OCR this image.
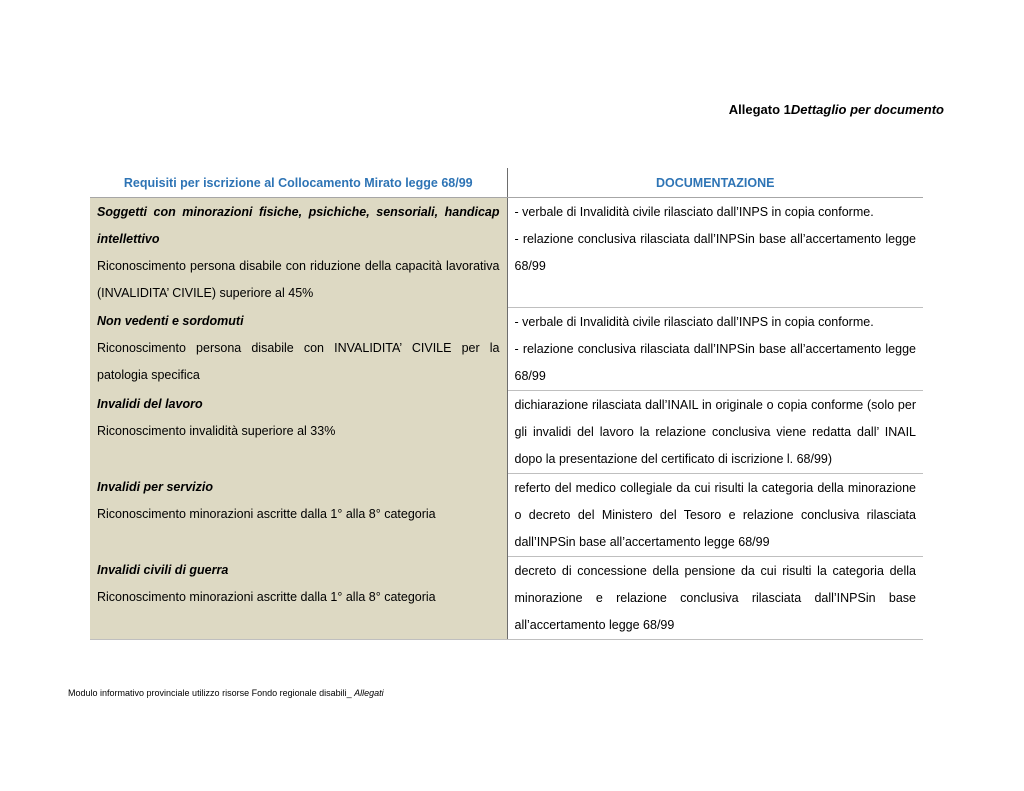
Allegato 1Dettaglio per documento
Requisiti per iscrizione al Collocamento Mirato legge 68/99	DOCUMENTAZIONE

Soggetti con minorazioni fisiche, psichiche, sensoriali, handicap intellettivo
Riconoscimento persona disabile con riduzione della capacità lavorativa (INVALIDITA’ CIVILE) superiore al 45%	- verbale di Invalidità civile rilasciato dall’INPS in copia conforme.
- relazione conclusiva rilasciata dall’INPSin base all’accertamento legge 68/99

Non vedenti e sordomuti
Riconoscimento persona disabile con INVALIDITA’ CIVILE per la patologia specifica	- verbale di Invalidità civile rilasciato dall’INPS in copia conforme.
- relazione conclusiva rilasciata dall’INPSin base all’accertamento legge 68/99

Invalidi del lavoro
Riconoscimento invalidità superiore al 33%	dichiarazione rilasciata dall’INAIL in originale o copia conforme (solo per gli invalidi del lavoro la relazione conclusiva viene redatta dall’ INAIL dopo la presentazione del certificato di iscrizione l. 68/99)

Invalidi per servizio
Riconoscimento minorazioni ascritte dalla 1° alla 8° categoria	referto del medico collegiale da cui risulti la categoria della minorazione o decreto del Ministero del Tesoro e relazione conclusiva rilasciata dall’INPSin base all’accertamento legge 68/99

Invalidi civili di guerra
Riconoscimento minorazioni ascritte dalla 1° alla 8° categoria	decreto di concessione della pensione da cui risulti la categoria della minorazione e relazione conclusiva rilasciata dall’INPSin base all’accertamento legge 68/99
Modulo informativo provinciale utilizzo risorse Fondo regionale disabili_ Allegati
